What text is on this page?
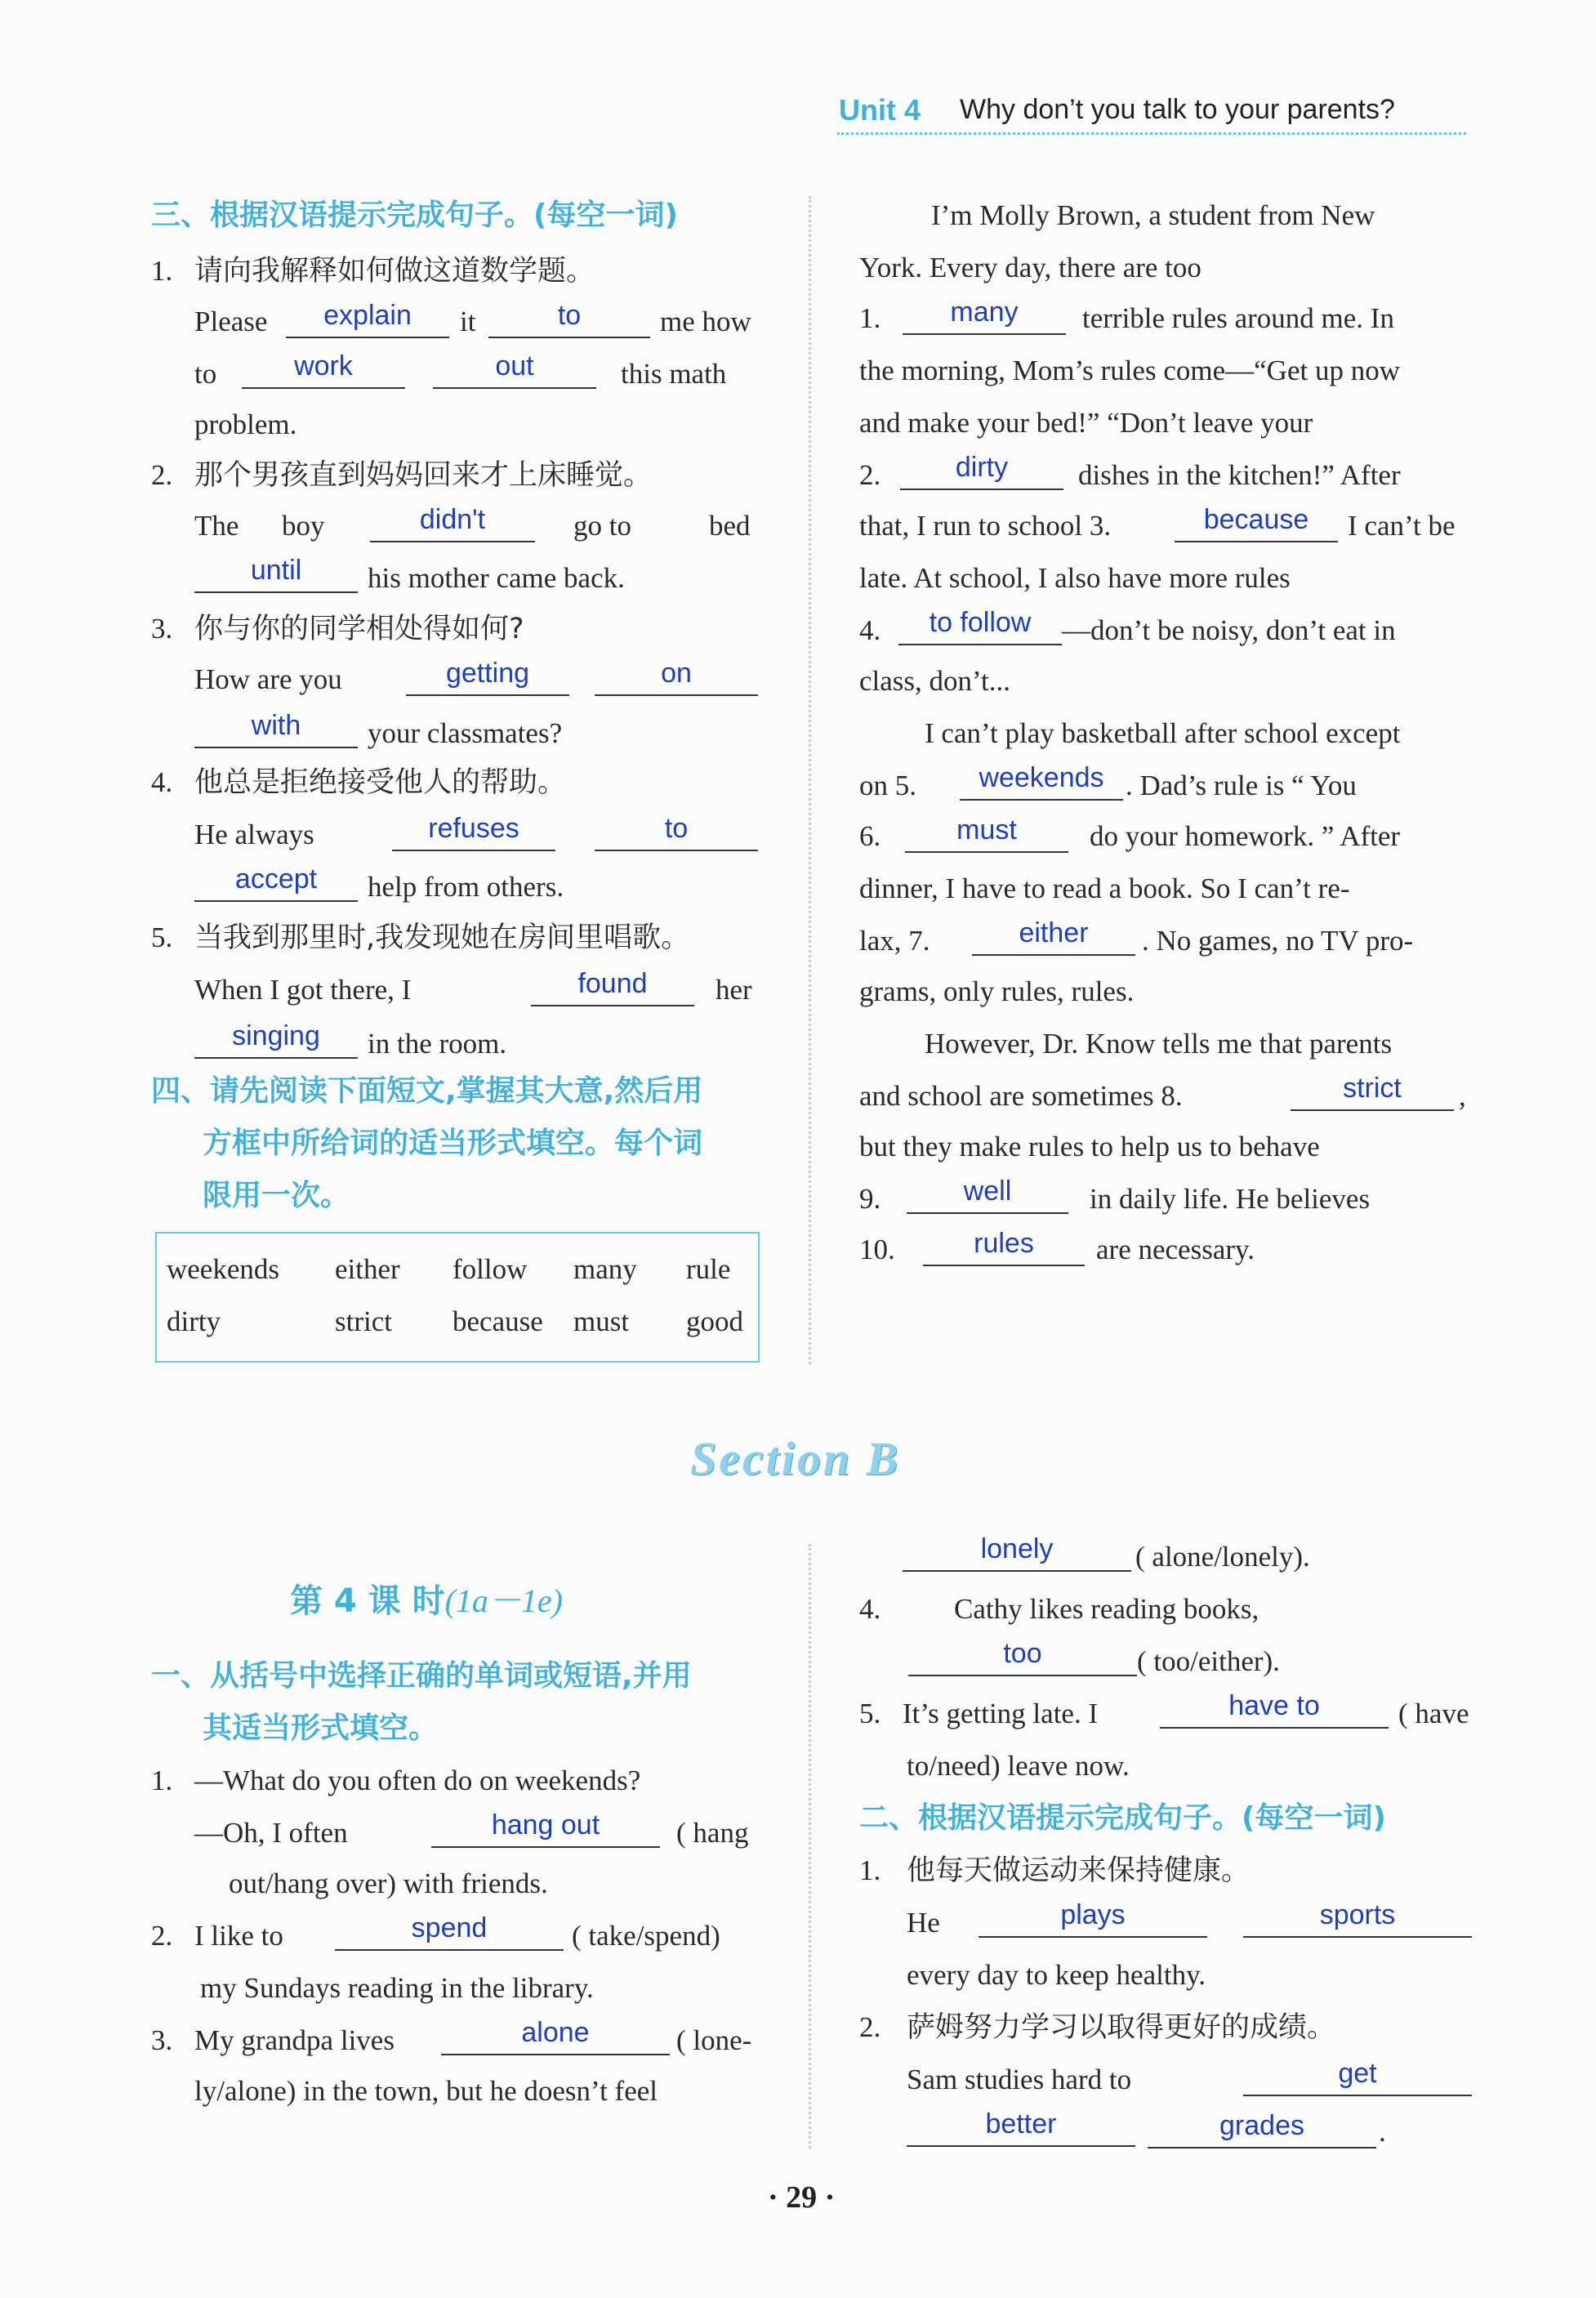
Unit 4 Why don’t you talk to your parents?
三、根据汉语提示完成句子。(每空一词)
1. 请向我解释如何做这道数学题。
Please	explain	it	to	me how
to	work	out	this math
problem.
2. 那个男孩直到妈妈回来才上床睡觉。
The boy	didn't	go to	bed
until	his mother came back.
3. 你与你的同学相处得如何?
How are you	getting	on
with	your classmates?
4. 他总是拒绝接受他人的帮助。
He always	refuses	to
accept	help from others.
5. 当我到那里时,我发现她在房间里唱歌。
When I got there, I	found	her
singing	in the room.
四、请先阅读下面短文,掌握其大意,然后用
方框中所给词的适当形式填空。每个词
限用一次。
weekends either follow many rule
dirty	strict because must good
I’m Molly Brown, a student from New
York. Every day, there are too
1.	many	terrible rules around me. In
the morning, Mom’s rules come—“Get up now
and make your bed!” “Don’t leave your
2.	dirty	dishes in the kitchen!” After
that, I run to school 3.	because	I can’t be
late. At school, I also have more rules
4.	to follow	—don’t be noisy, don’t eat in
class, don’t...
I can’t play basketball after school except
on 5.	weekends . Dad’s rule is “ You
6.	must	do your homework. ” After
dinner, I have to read a book. So I can’t re-
lax, 7.	either	. No games, no TV pro-
grams, only rules, rules.
However, Dr. Know tells me that parents
and school are sometimes 8.	strict	,
but they make rules to help us to behave
9.	well	in daily life. He believes
10.	rules	are necessary.
Section B
第 4 课 时(1a－1e)
一、从括号中选择正确的单词或短语,并用
其适当形式填空。
1. —What do you often do on weekends?
—Oh, I often	hang out	( hang
out/hang over) with friends.
2. I like to	spend	( take/spend)
my Sundays reading in the library.
3. My grandpa lives	alone	( lone-
ly/alone) in the town, but he doesn’t feel
lonely	( alone/lonely).
4.	Cathy likes reading books,
too	( too/either).
5. It’s getting late. I	have to	( have
to/need) leave now.
二、根据汉语提示完成句子。(每空一词)
1. 他每天做运动来保持健康。
He	plays	sports
every day to keep healthy.
2. 萨姆努力学习以取得更好的成绩。
Sam studies hard to	get
better	grades	.
· 29 ·
